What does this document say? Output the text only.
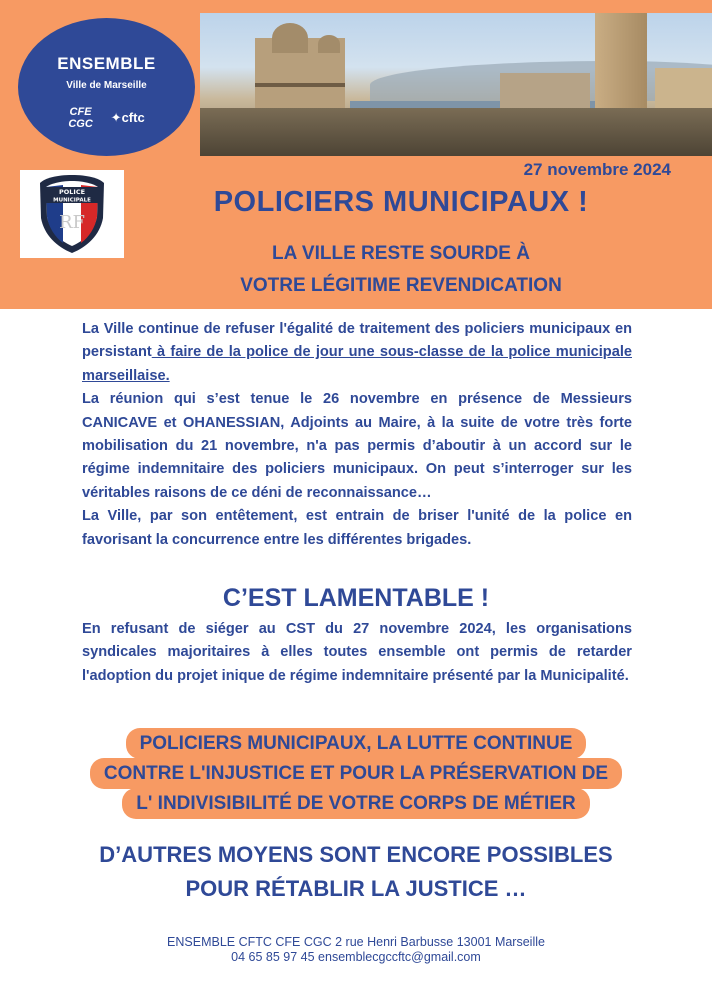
ENSEMBLE
Ville de Marseille
CFE
CGC ✦cftc
27 novembre 2024
POLICE
MUNICIPALE
RF
POLICIERS MUNICIPAUX !
LA VILLE RESTE SOURDE À
VOTRE LÉGITIME REVENDICATION

La Ville continue de refuser l'égalité de traitement des policiers municipaux en persistant à faire de la police de jour une sous-classe de la police municipale marseillaise.

La réunion qui s’est tenue le 26 novembre en présence de Messieurs CANICAVE et OHANESSIAN, Adjoints au Maire, à la suite de votre très forte mobilisation du 21 novembre, n'a pas permis d’aboutir à un accord sur le régime indemnitaire des policiers municipaux. On peut s’interroger sur les véritables raisons de ce déni de reconnaissance…

La Ville, par son entêtement, est entrain de briser l'unité de la police en favorisant la concurrence entre les différentes brigades.

C’EST LAMENTABLE !
En refusant de siéger au CST du 27 novembre 2024, les organisations syndicales majoritaires à elles toutes ensemble ont permis de retarder l'adoption du projet inique de régime indemnitaire présenté par la Municipalité.
POLICIERS MUNICIPAUX, LA LUTTE CONTINUE
CONTRE L'INJUSTICE ET POUR LA PRÉSERVATION DE
L' INDIVISIBILITÉ DE VOTRE CORPS DE MÉTIER
D’AUTRES MOYENS SONT ENCORE POSSIBLES
POUR RÉTABLIR LA JUSTICE …
ENSEMBLE CFTC CFE CGC 2 rue Henri Barbusse 13001 Marseille
04 65 85 97 45 ensemblecgccftc@gmail.com
